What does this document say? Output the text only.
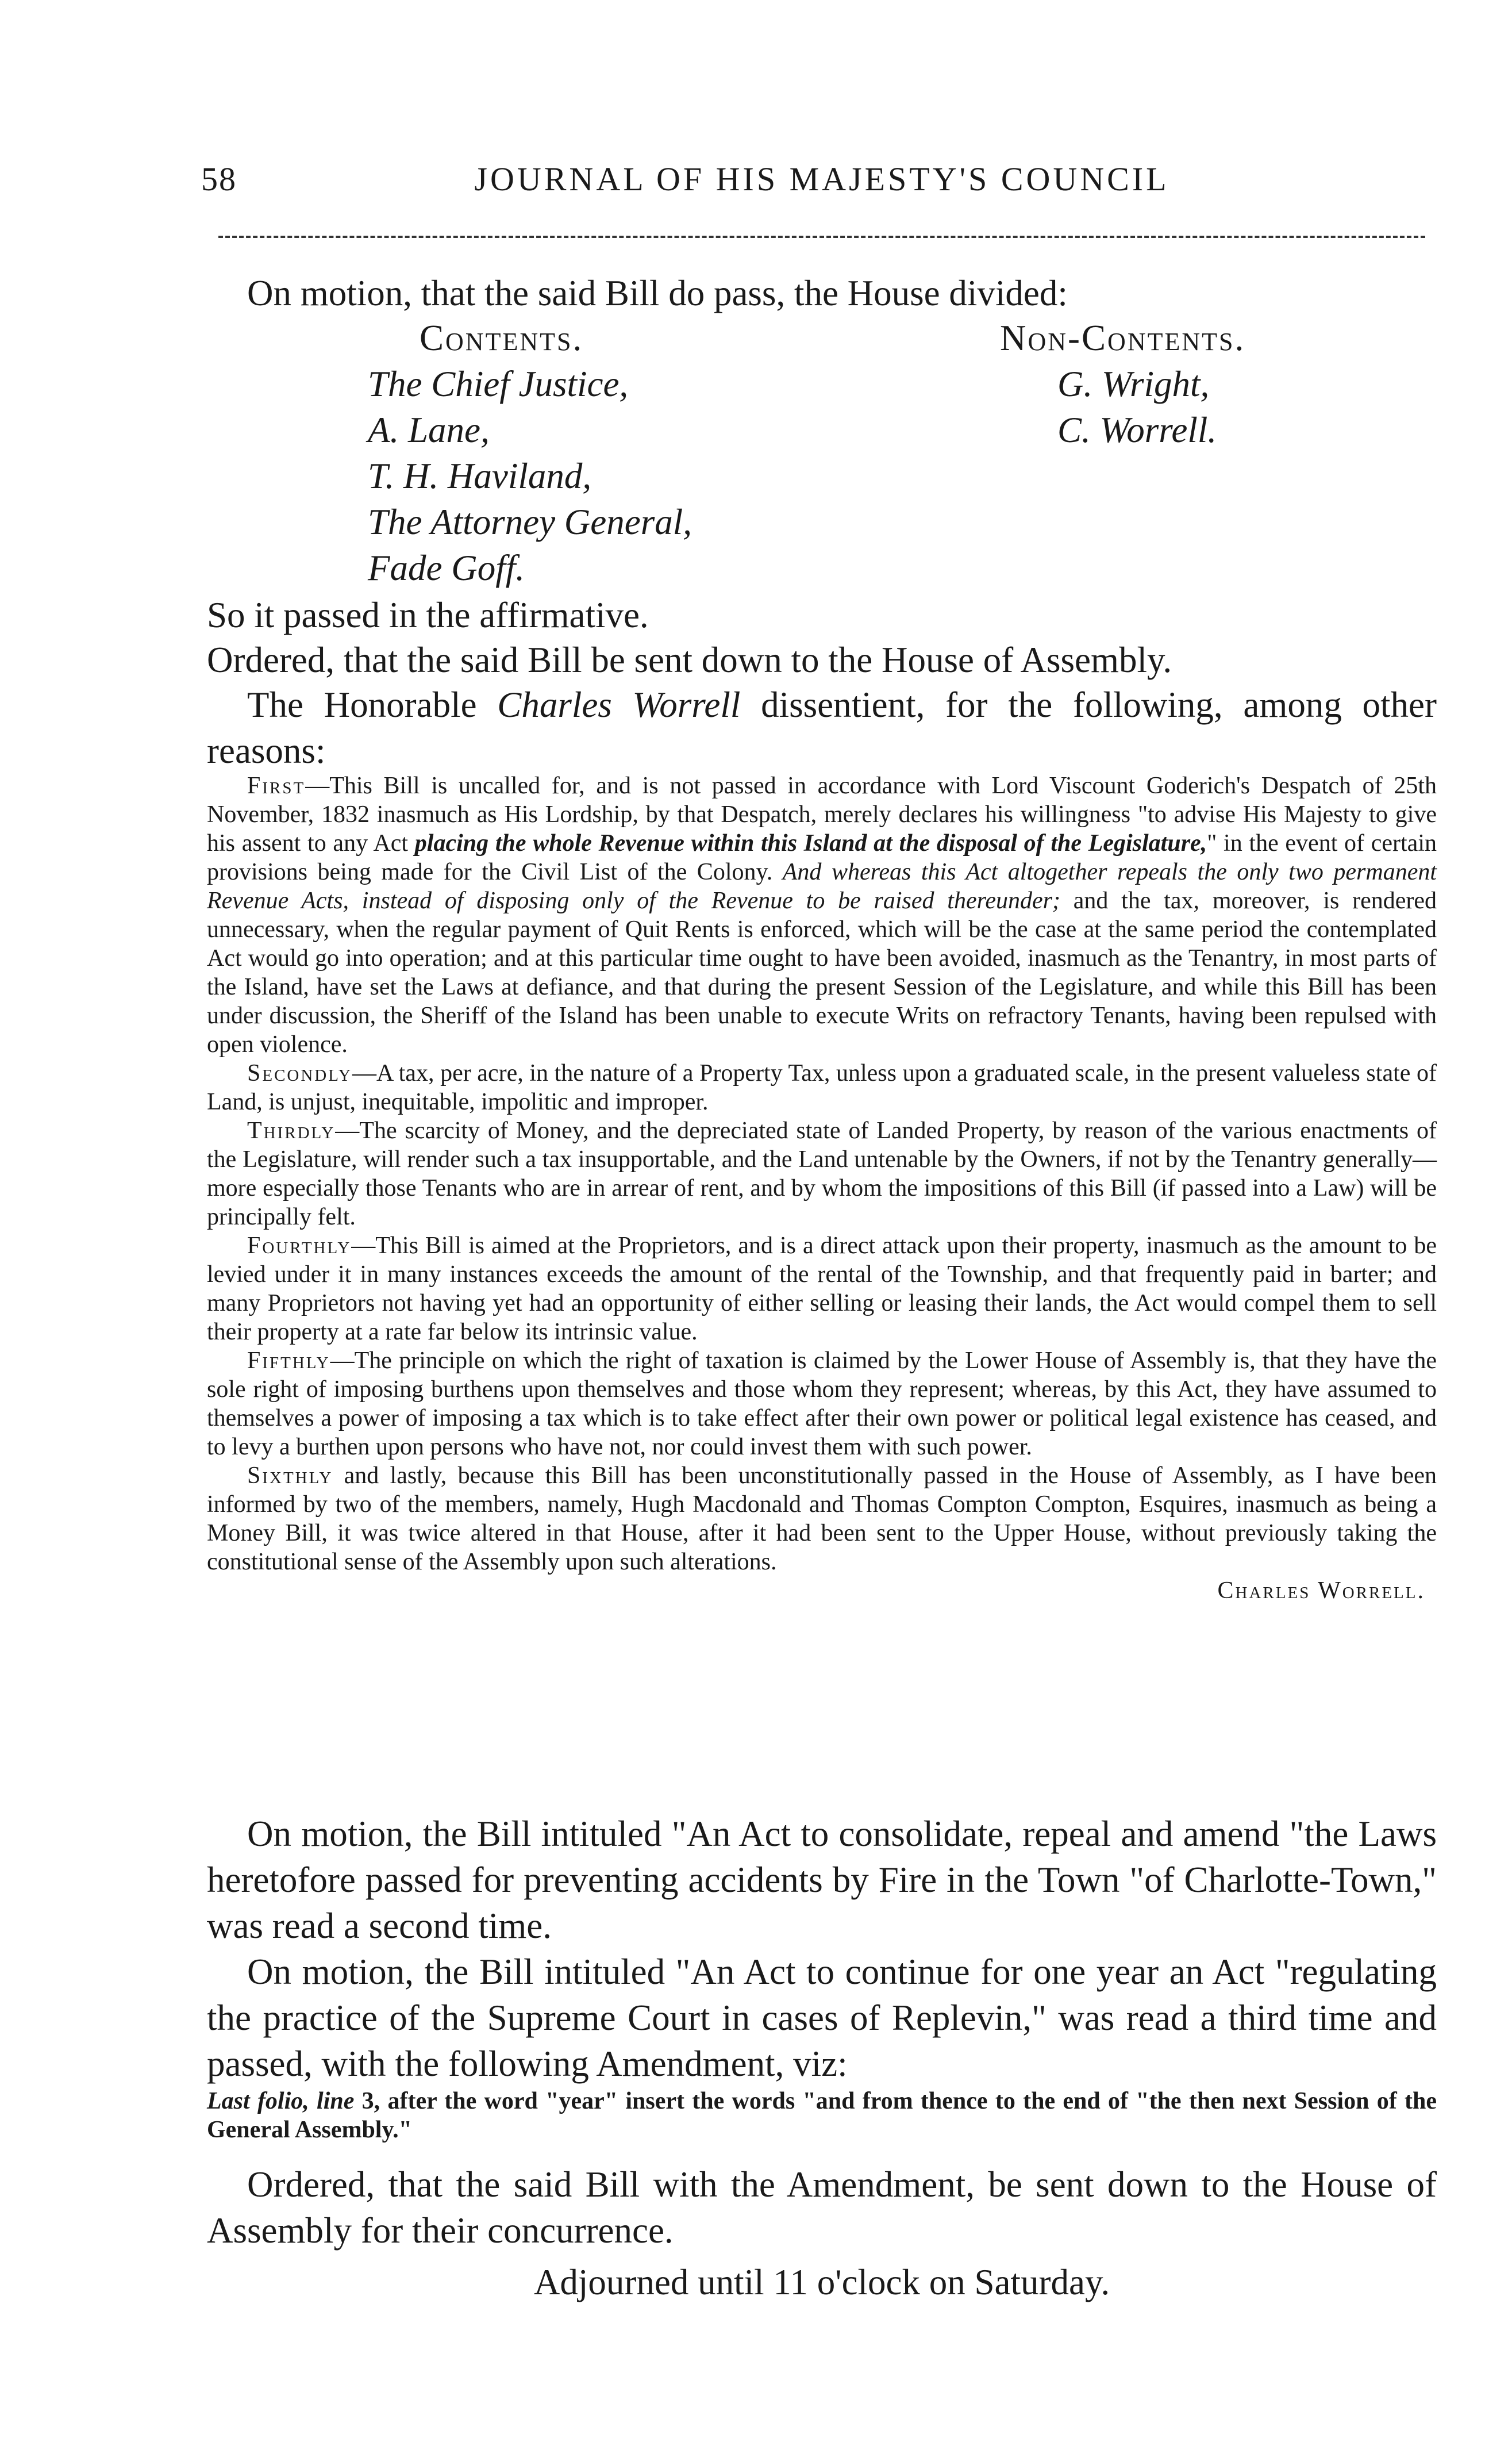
58	JOURNAL OF HIS MAJESTY'S COUNCIL
On motion, that the said Bill do pass, the House divided:
Contents.	Non-Contents.
The Chief Justice,
A. Lane,
T. H. Haviland,
The Attorney General,
Fade Goff.
G. Wright,
C. Worrell.
So it passed in the affirmative.
Ordered, that the said Bill be sent down to the House of Assembly.
The Honorable Charles Worrell dissentient, for the following, among other reasons:
First—This Bill is uncalled for, and is not passed in accordance with Lord Viscount Goderich's Despatch of 25th November, 1832 inasmuch as His Lordship, by that Despatch, merely declares his willingness "to advise His Majesty to give his assent to any Act placing the whole Revenue within this Island at the disposal of the Legislature," in the event of certain provisions being made for the Civil List of the Colony. And whereas this Act altogether repeals the only two permanent Revenue Acts, instead of disposing only of the Revenue to be raised thereunder; and the tax, moreover, is rendered unnecessary, when the regular payment of Quit Rents is enforced, which will be the case at the same period the contemplated Act would go into operation; and at this particular time ought to have been avoided, inasmuch as the Tenantry, in most parts of the Island, have set the Laws at defiance, and that during the present Session of the Legislature, and while this Bill has been under discussion, the Sheriff of the Island has been unable to execute Writs on refractory Tenants, having been repulsed with open violence.
Secondly—A tax, per acre, in the nature of a Property Tax, unless upon a graduated scale, in the present valueless state of Land, is unjust, inequitable, impolitic and improper.
Thirdly—The scarcity of Money, and the depreciated state of Landed Property, by reason of the various enactments of the Legislature, will render such a tax insupportable, and the Land untenable by the Owners, if not by the Tenantry generally—more especially those Tenants who are in arrear of rent, and by whom the impositions of this Bill (if passed into a Law) will be principally felt.
Fourthly—This Bill is aimed at the Proprietors, and is a direct attack upon their property, inasmuch as the amount to be levied under it in many instances exceeds the amount of the rental of the Township, and that frequently paid in barter; and many Proprietors not having yet had an opportunity of either selling or leasing their lands, the Act would compel them to sell their property at a rate far below its intrinsic value.
Fifthly—The principle on which the right of taxation is claimed by the Lower House of Assembly is, that they have the sole right of imposing burthens upon themselves and those whom they represent; whereas, by this Act, they have assumed to themselves a power of imposing a tax which is to take effect after their own power or political legal existence has ceased, and to levy a burthen upon persons who have not, nor could invest them with such power.
Sixthly and lastly, because this Bill has been unconstitutionally passed in the House of Assembly, as I have been informed by two of the members, namely, Hugh Macdonald and Thomas Compton Compton, Esquires, inasmuch as being a Money Bill, it was twice altered in that House, after it had been sent to the Upper House, without previously taking the constitutional sense of the Assembly upon such alterations.
Charles Worrell.
On motion, the Bill intituled "An Act to consolidate, repeal and amend "the Laws heretofore passed for preventing accidents by Fire in the Town "of Charlotte-Town," was read a second time.
On motion, the Bill intituled "An Act to continue for one year an Act "regulating the practice of the Supreme Court in cases of Replevin," was read a third time and passed, with the following Amendment, viz:
Last folio, line 3, after the word "year" insert the words "and from thence to the end of "the then next Session of the General Assembly."
Ordered, that the said Bill with the Amendment, be sent down to the House of Assembly for their concurrence.
Adjourned until 11 o'clock on Saturday.
